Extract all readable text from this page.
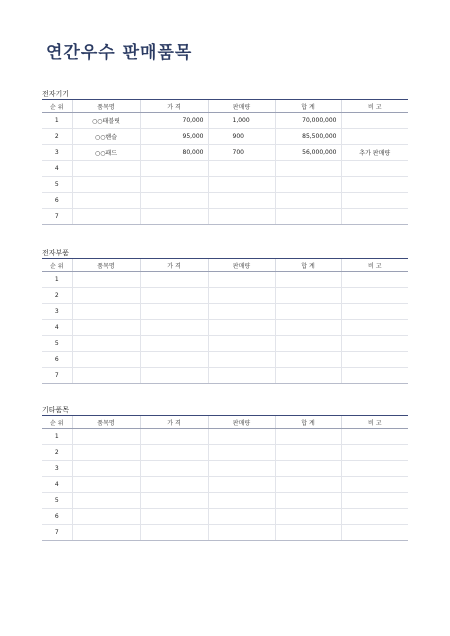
연간우수 판매품목
전자기기
순 위	품목명	가 격	판매량	합 계	비 고
1	○○태블릿	70,000	1,000	70,000,000	
2	○○핸슬	95,000	900	85,500,000	
3	○○패드	80,000	700	56,000,000	추가 판매량
4					
5					
6					
7					
전자부품
순 위	품목명	가 격	판매량	합 계	비 고
1					
2					
3					
4					
5					
6					
7					
기타품목
순 위	품목명	가 격	판매량	합 계	비 고
1					
2					
3					
4					
5					
6					
7					
